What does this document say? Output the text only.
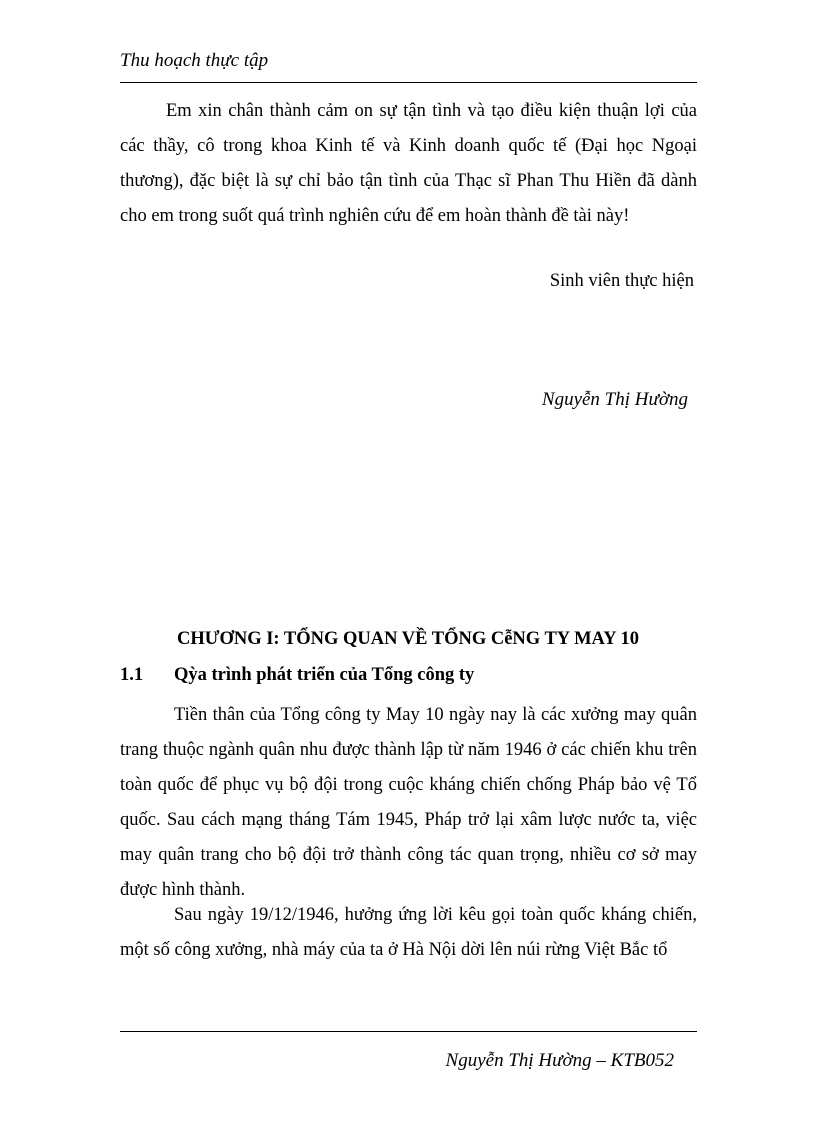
Thu hoạch thực tập

Em xin chân thành cảm on sự tận tình và tạo điều kiện thuận lợi của các thầy, cô trong khoa Kinh tế và Kinh doanh quốc tế (Đại học Ngoại thương), đặc biệt là sự chỉ bảo tận tình của Thạc sĩ Phan Thu Hiền đã dành cho em trong suốt quá trình nghiên cứu để em hoàn thành đề tài này!

Sinh viên thực hiện
Nguyễn Thị Hường
CHƯƠNG I: TỔNG QUAN VỀ TỔNG CễNG TY MAY 10
1.1 Qỳa trình phát triển của Tổng công ty

Tiền thân của Tổng công ty May 10 ngày nay là các xưởng may quân trang thuộc ngành quân nhu được thành lập từ năm 1946 ở các chiến khu trên toàn quốc để phục vụ bộ đội trong cuộc kháng chiến chống Pháp bảo vệ Tổ quốc. Sau cách mạng tháng Tám 1945, Pháp trở lại xâm lược nước ta, việc may quân trang cho bộ đội trở thành công tác quan trọng, nhiều cơ sở may được hình thành.

Sau ngày 19/12/1946, hưởng ứng lời kêu gọi toàn quốc kháng chiến, một số công xưởng, nhà máy của ta ở Hà Nội dời lên núi rừng Việt Bắc tổ

Nguyễn Thị Hường – KTB052
